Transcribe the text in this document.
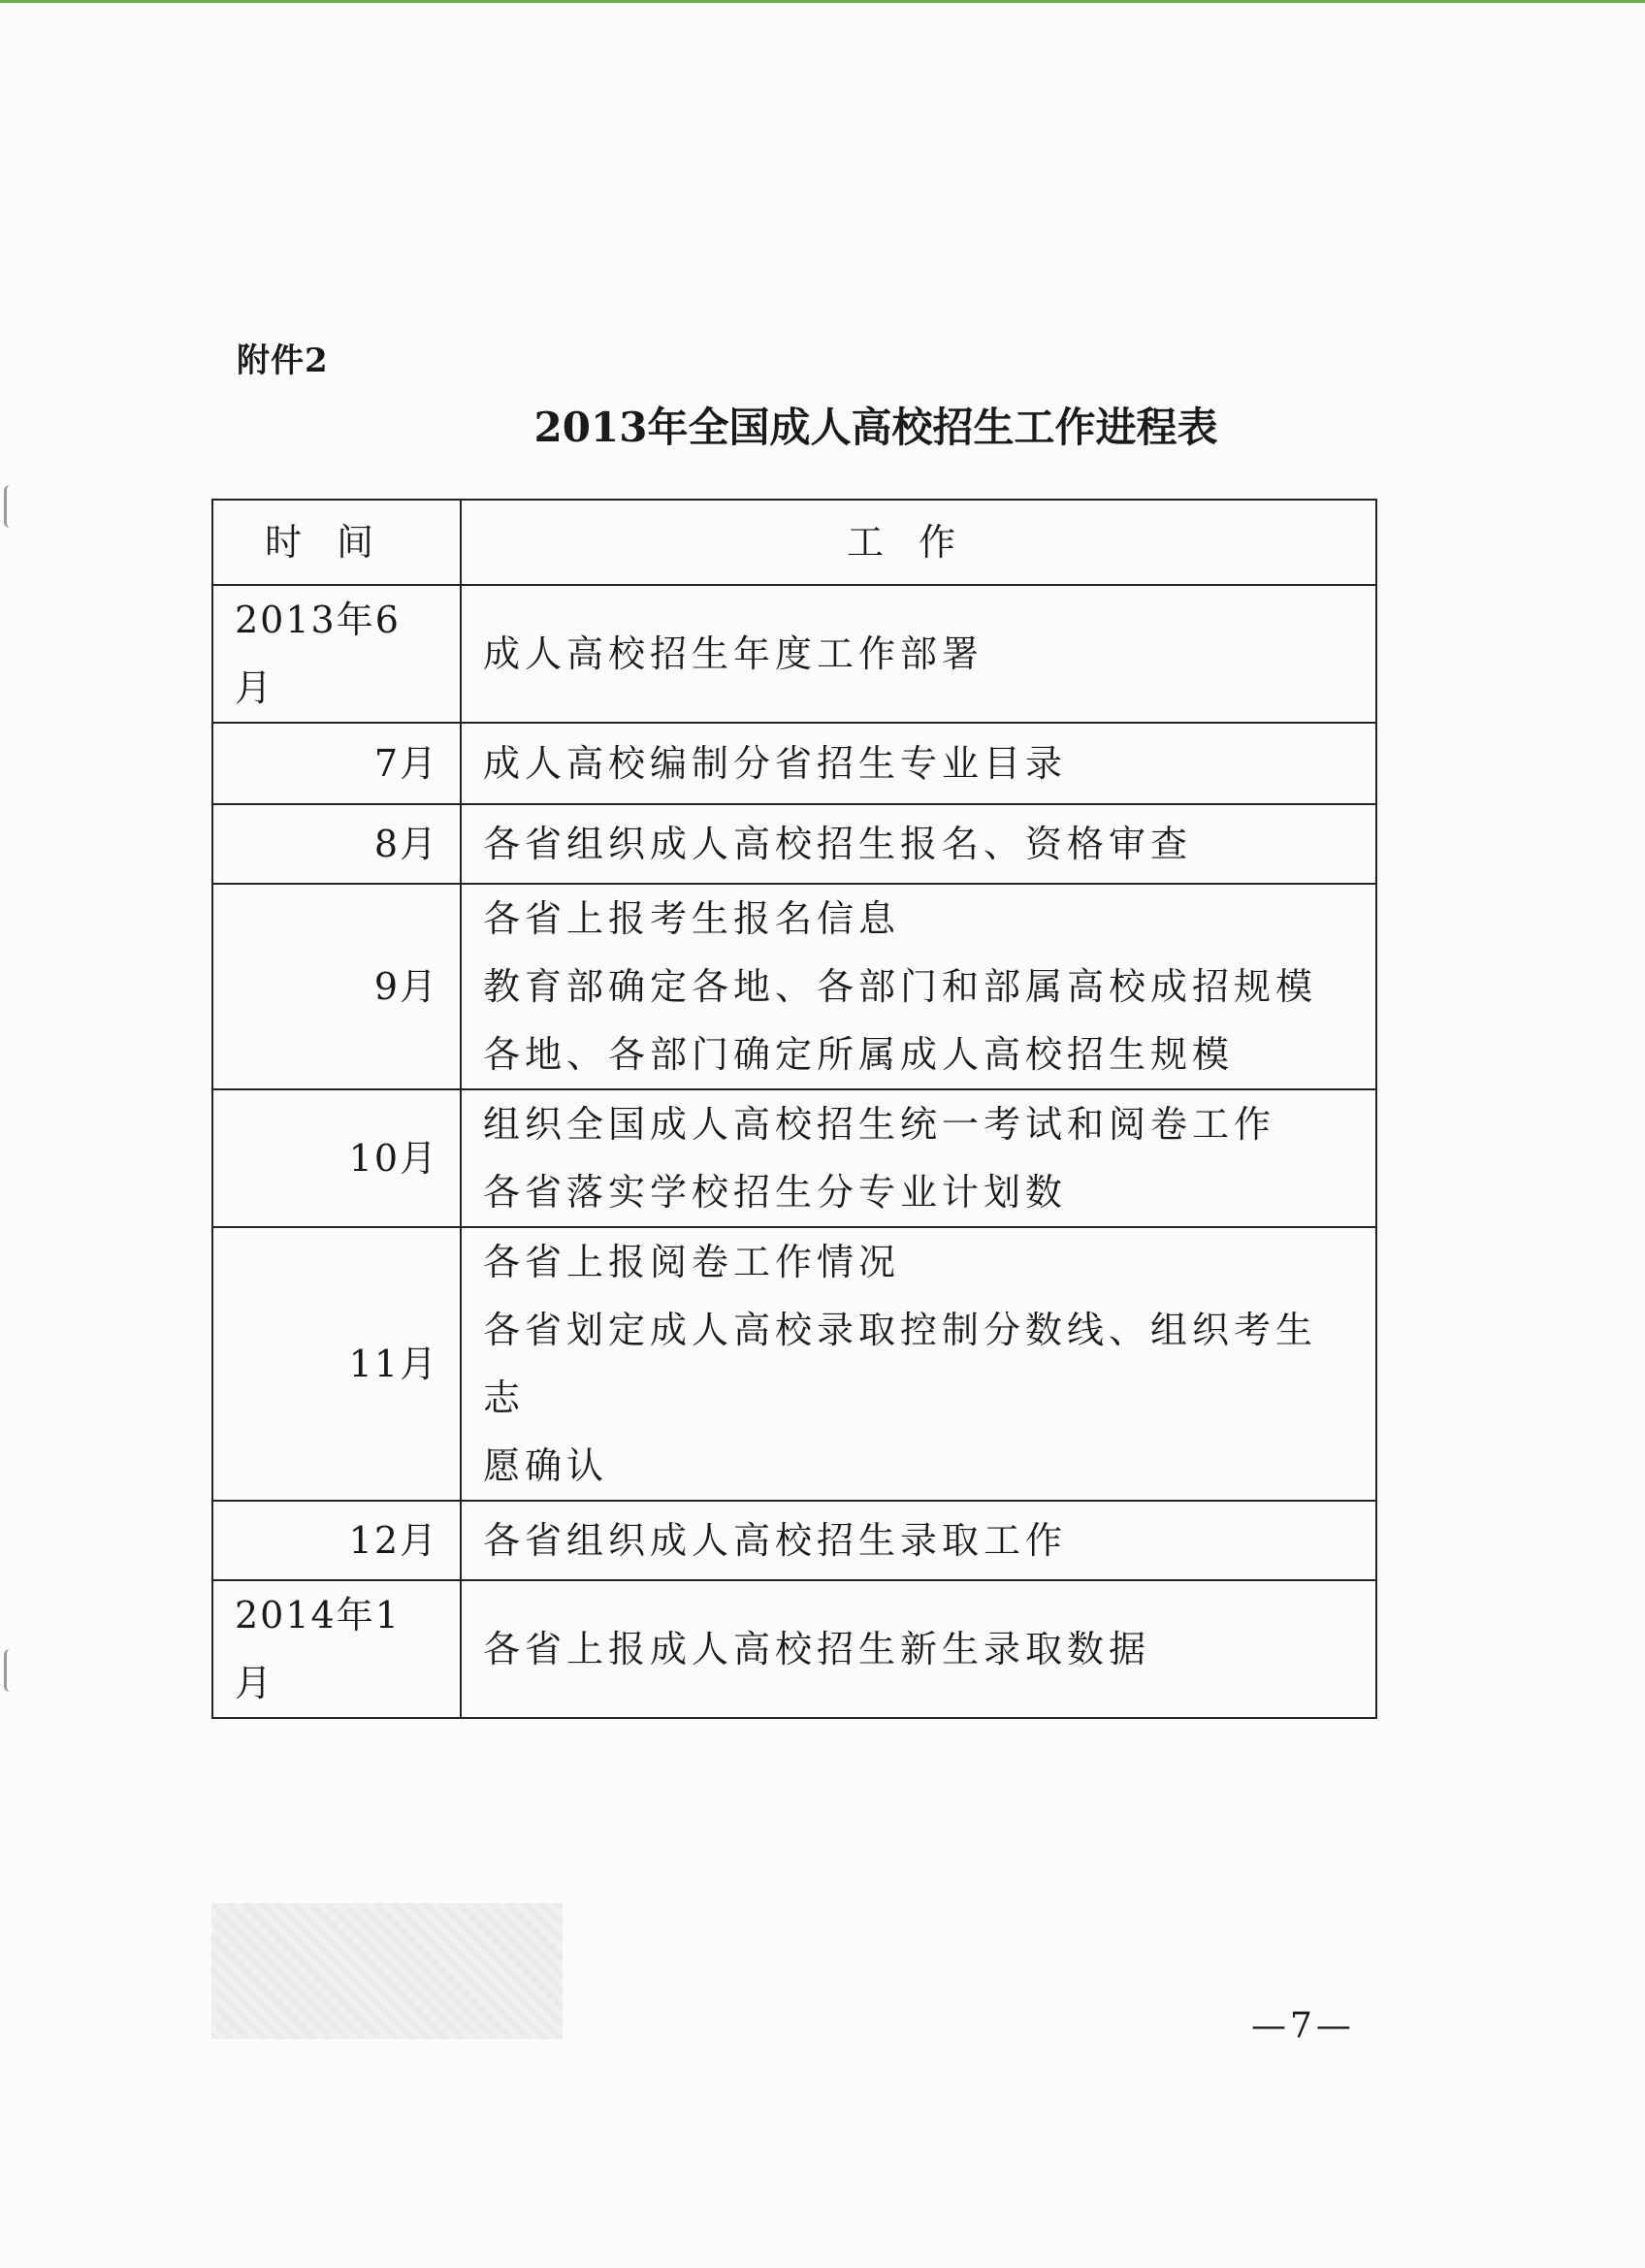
附件2
2013年全国成人高校招生工作进程表
时间	工作
2013年6月	成人高校招生年度工作部署

7月	成人高校编制分省招生专业目录

8月	各省组织成人高校招生报名、资格审查

9月	各省上报考生报名信息
教育部确定各地、各部门和部属高校成招规模
各地、各部门确定所属成人高校招生规模

10月	组织全国成人高校招生统一考试和阅卷工作
各省落实学校招生分专业计划数

11月	各省上报阅卷工作情况
各省划定成人高校录取控制分数线、组织考生志
愿确认

12月	各省组织成人高校招生录取工作

2014年1月	各省上报成人高校招生新生录取数据
—7—
